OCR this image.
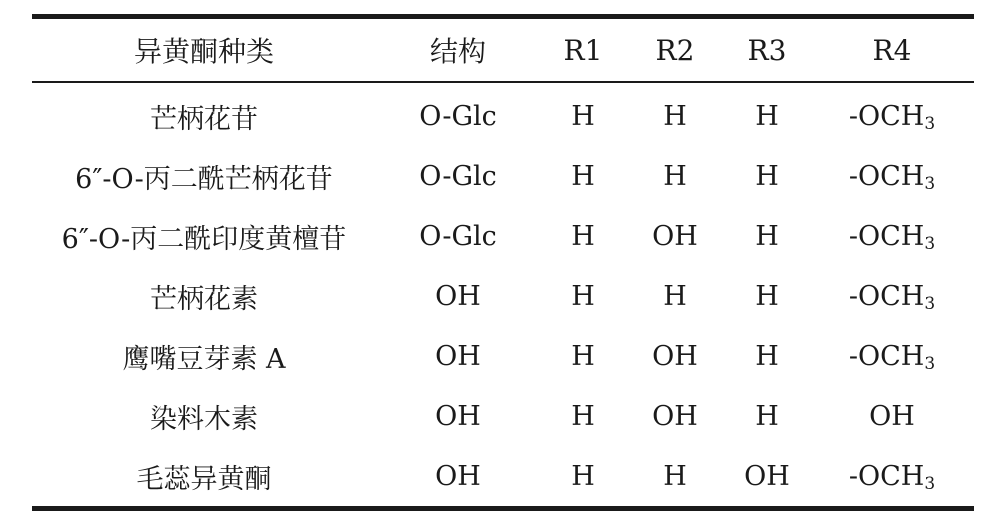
异黄酮种类	结构	R1	R2	R3	R4
芒柄花苷	O-Glc	H	H	H	$-OCH_3$
6″-O-丙二酰芒柄花苷	O-Glc	H	H	H	$-OCH_3$
6″-O-丙二酰印度黄檀苷	O-Glc	H	OH	H	$-OCH_3$
芒柄花素	OH	H	H	H	$-OCH_3$
鹰嘴豆芽素 A	OH	H	OH	H	$-OCH_3$
染料木素	OH	H	OH	H	OH
毛蕊异黄酮	OH	H	H	OH	$-OCH_3$
